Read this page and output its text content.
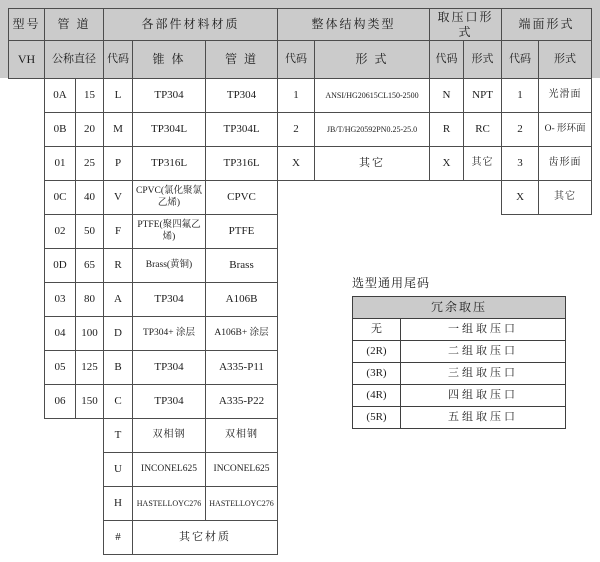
型号	管 道		各部件材料材质			整体结构类型		取压口形式		端面形式	
VH	公称直径		代码	锥 体	管 道	代码	形 式	代码	形式	代码	形式
	0A	15	L	TP304	TP304	1	ANSI/HG20615CL150-2500	N	NPT	1	光滑面
	0B	20	M	TP304L	TP304L	2	JB/T/HG20592PN0.25-25.0	R	RC	2	O- 形环面
	01	25	P	TP316L	TP316L	X	其它	X	其它	3	齿形面
	0C	40	V	CPVC(氯化聚氯乙烯)	CPVC					X	其它
	02	50	F	PTFE(聚四氟乙烯)	PTFE						
	0D	65	R	Brass(黄铜)	Brass						
	03	80	A	TP304	A106B						
	04	100	D	TP304+ 涂层	A106B+ 涂层						
	05	125	B	TP304	A335-P11						
	06	150	C	TP304	A335-P22						
			T	双相钢	双相钢						
			U	INCONEL625	INCONEL625						
			H	HASTELLOYC276	HASTELLOYC276						
			#	其它材质							
选型通用尾码
冗余取压	
无	一组取压口
(2R)	二组取压口
(3R)	三组取压口
(4R)	四组取压口
(5R)	五组取压口
